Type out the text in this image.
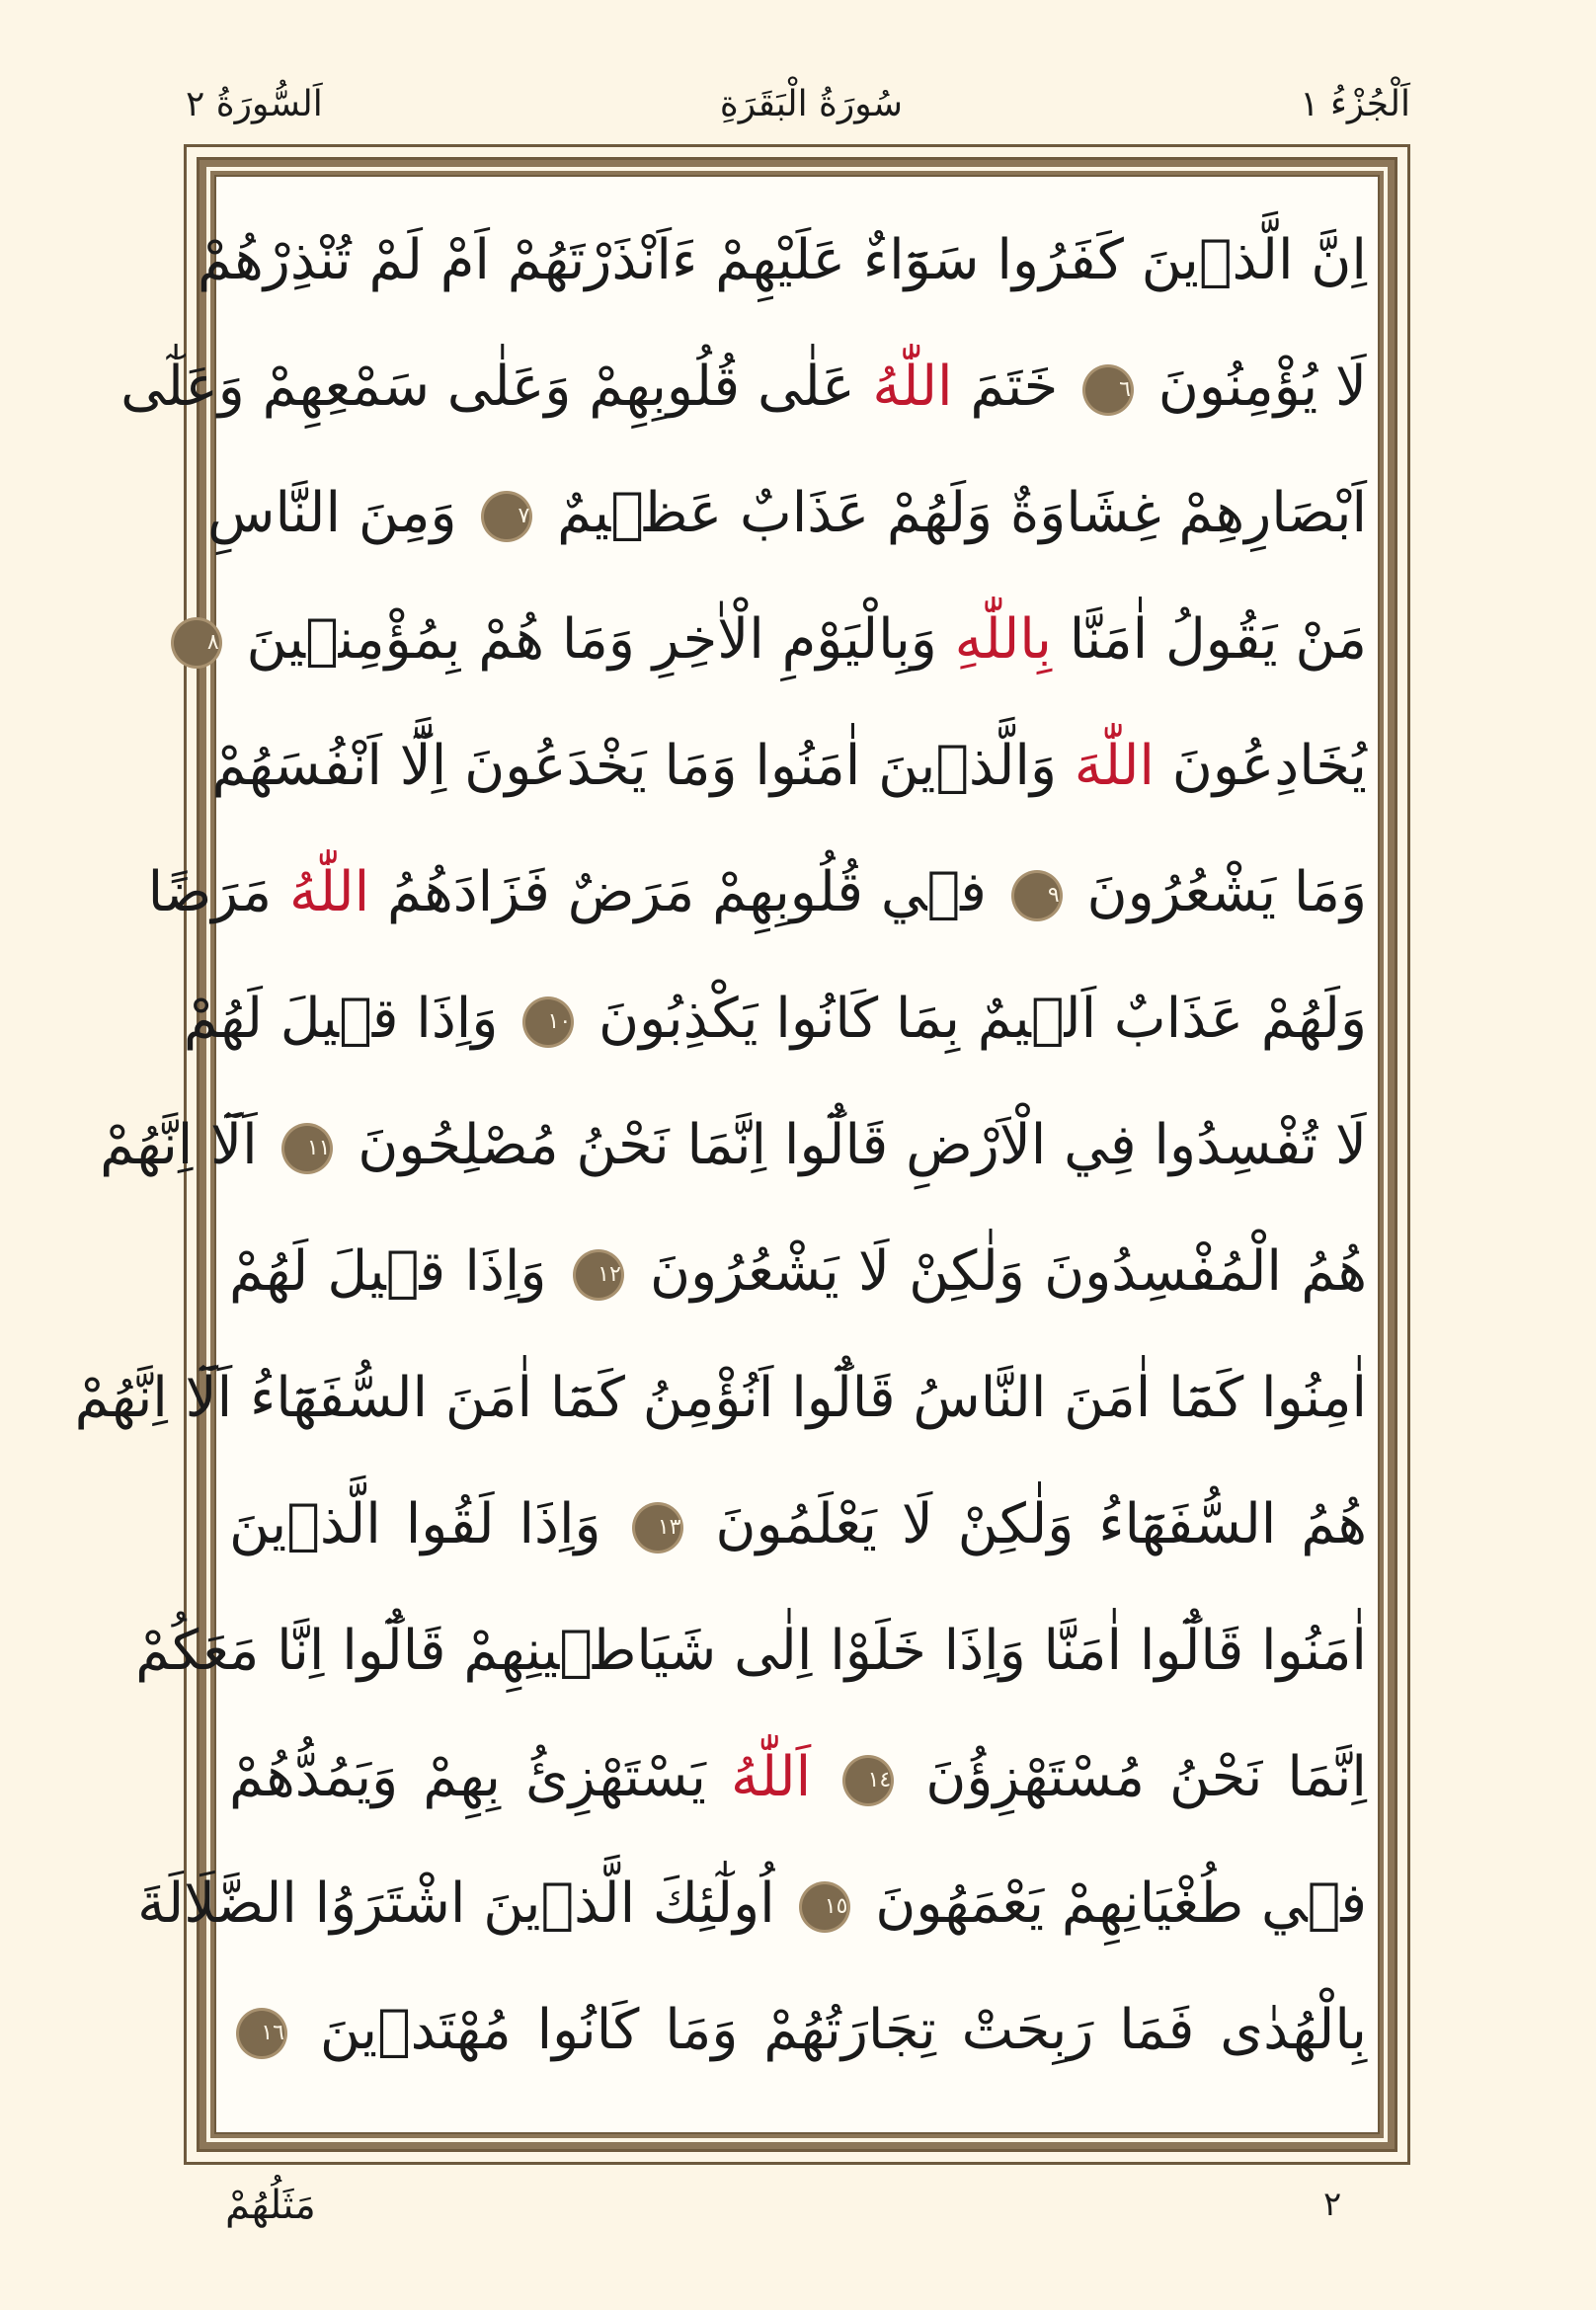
اَلْجُزْءُ ١
سُورَةُ الْبَقَرَةِ
اَلسُّورَةُ ٢
اِنَّ الَّذٖينَ كَفَرُوا سَوَٓاءٌ عَلَيْهِمْ ءَاَنْذَرْتَهُمْ اَمْ لَمْ تُنْذِرْهُمْ
لَا يُؤْمِنُونَ ٦ خَتَمَ اللّٰهُ عَلٰى قُلُوبِهِمْ وَعَلٰى سَمْعِهِمْ وَعَلٰٓى
اَبْصَارِهِمْ غِشَاوَةٌ وَلَهُمْ عَذَابٌ عَظٖيمٌ ٧ وَمِنَ النَّاسِ
مَنْ يَقُولُ اٰمَنَّا بِاللّٰهِ وَبِالْيَوْمِ الْاٰخِرِ وَمَا هُمْ بِمُؤْمِنٖينَ ٨
يُخَادِعُونَ اللّٰهَ وَالَّذٖينَ اٰمَنُوا وَمَا يَخْدَعُونَ اِلَّٓا اَنْفُسَهُمْ
وَمَا يَشْعُرُونَ ٩ فٖي قُلُوبِهِمْ مَرَضٌ فَزَادَهُمُ اللّٰهُ مَرَضًا
وَلَهُمْ عَذَابٌ اَلٖيمٌ بِمَا كَانُوا يَكْذِبُونَ ١٠ وَاِذَا قٖيلَ لَهُمْ
لَا تُفْسِدُوا فِي الْاَرْضِ قَالُٓوا اِنَّمَا نَحْنُ مُصْلِحُونَ ١١ اَلَٓا اِنَّهُمْ
هُمُ الْمُفْسِدُونَ وَلٰكِنْ لَا يَشْعُرُونَ ١٢ وَاِذَا قٖيلَ لَهُمْ
اٰمِنُوا كَمَٓا اٰمَنَ النَّاسُ قَالُٓوا اَنُؤْمِنُ كَمَٓا اٰمَنَ السُّفَهَٓاءُ اَلَٓا اِنَّهُمْ
هُمُ السُّفَهَٓاءُ وَلٰكِنْ لَا يَعْلَمُونَ ١٣ وَاِذَا لَقُوا الَّذٖينَ
اٰمَنُوا قَالُٓوا اٰمَنَّا وَاِذَا خَلَوْا اِلٰى شَيَاطٖينِهِمْ قَالُٓوا اِنَّا مَعَكُمْ
اِنَّمَا نَحْنُ مُسْتَهْزِؤُنَ ١٤ اَللّٰهُ يَسْتَهْزِئُ بِهِمْ وَيَمُدُّهُمْ
فٖي طُغْيَانِهِمْ يَعْمَهُونَ ١٥ اُولٰٓئِكَ الَّذٖينَ اشْتَرَوُا الضَّلَالَةَ
بِالْهُدٰى فَمَا رَبِحَتْ تِجَارَتُهُمْ وَمَا كَانُوا مُهْتَدٖينَ ١٦
٢
مَثَلُهُمْ
